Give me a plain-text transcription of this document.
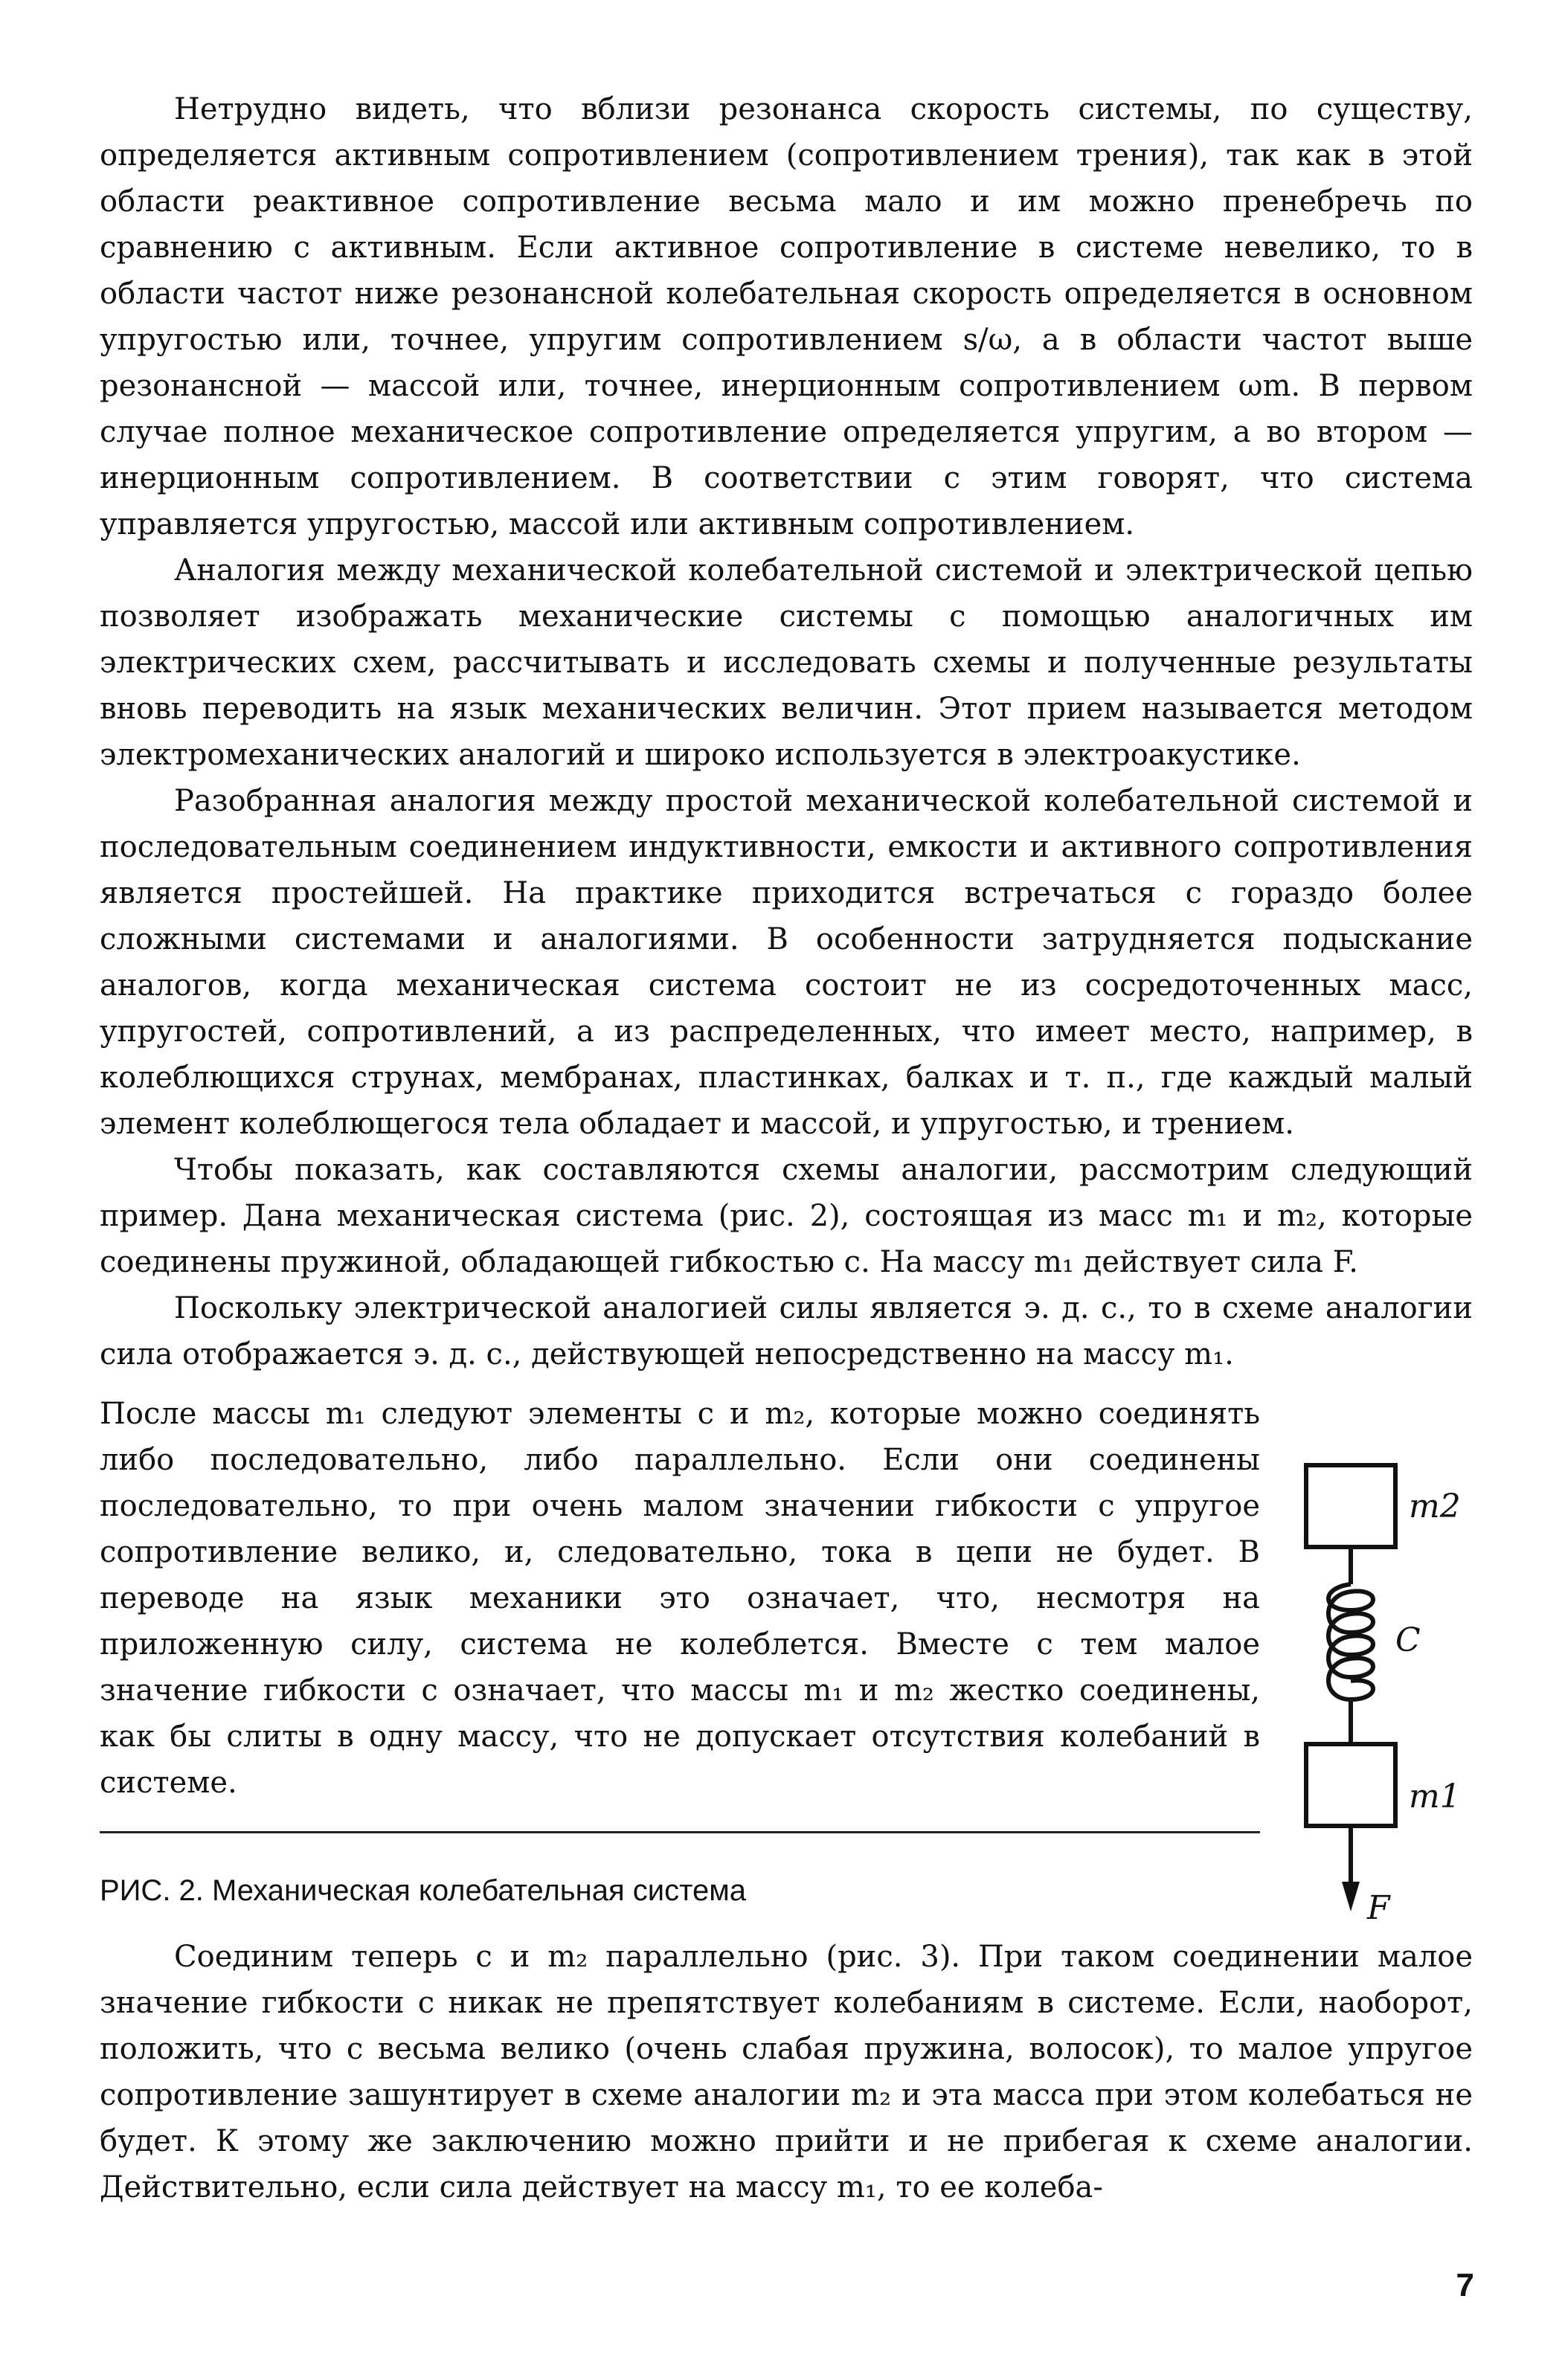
Нетрудно видеть, что вблизи резонанса скорость системы, по существу, определяется активным сопротивлением (сопротивлением трения), так как в этой области реактивное сопротивление весьма мало и им можно пренебречь по сравнению с активным. Если активное сопротивление в системе невелико, то в области частот ниже резонансной колебательная скорость определяется в основном упругостью или, точнее, упругим сопротивлением s/ω, а в области частот выше резонансной — массой или, точнее, инерционным сопротивлением ωm. В первом случае полное механическое сопротивление определяется упругим, а во втором — инерционным сопротивлением. В соответствии с этим говорят, что система управляется упругостью, массой или активным сопротивлением.

Аналогия между механической колебательной системой и электрической цепью позволяет изображать механические системы с помощью аналогичных им электрических схем, рассчитывать и исследовать схемы и полученные результаты вновь переводить на язык механических величин. Этот прием называется методом электромеханических аналогий и широко используется в электроакустике.

Разобранная аналогия между простой механической колебательной системой и последовательным соединением индуктивности, емкости и активного сопротивления является простейшей. На практике приходится встречаться с гораздо более сложными системами и аналогиями. В особенности затрудняется подыскание аналогов, когда механическая система состоит не из сосредоточенных масс, упругостей, сопротивлений, а из распределенных, что имеет место, например, в колеблющихся струнах, мембранах, пластинках, балках и т. п., где каждый малый элемент колеблющегося тела обладает и массой, и упругостью, и трением.

Чтобы показать, как составляются схемы аналогии, рассмотрим следующий пример. Дана механическая система (рис. 2), состоящая из масс m₁ и m₂, которые соединены пружиной, обладающей гибкостью c. На массу m₁ действует сила F.

Поскольку электрической аналогией силы является э. д. с., то в схеме аналогии сила отображается э. д. с., действующей непосредственно на массу m₁.

После массы m₁ следуют элементы c и m₂, которые можно соединять либо последовательно, либо параллельно. Если они соединены последовательно, то при очень малом значении гибкости c упругое сопротивление велико, и, следовательно, тока в цепи не будет. В переводе на язык механики это означает, что, несмотря на приложенную силу, система не колеблется. Вместе с тем малое значение гибкости c означает, что массы m₁ и m₂ жестко соединены, как бы слиты в одну массу, что не допускает отсутствия колебаний в системе.

РИС. 2. Механическая колебательная система
m2
C
m1
F

Соединим теперь c и m₂ параллельно (рис. 3). При таком соединении малое значение гибкости c никак не препятствует колебаниям в системе. Если, наоборот, положить, что c весьма велико (очень слабая пружина, волосок), то малое упругое сопротивление зашунтирует в схеме аналогии m₂ и эта масса при этом колебаться не будет. К этому же заключению можно прийти и не прибегая к схеме аналогии. Действительно, если сила действует на массу m₁, то ее колеба-

7
